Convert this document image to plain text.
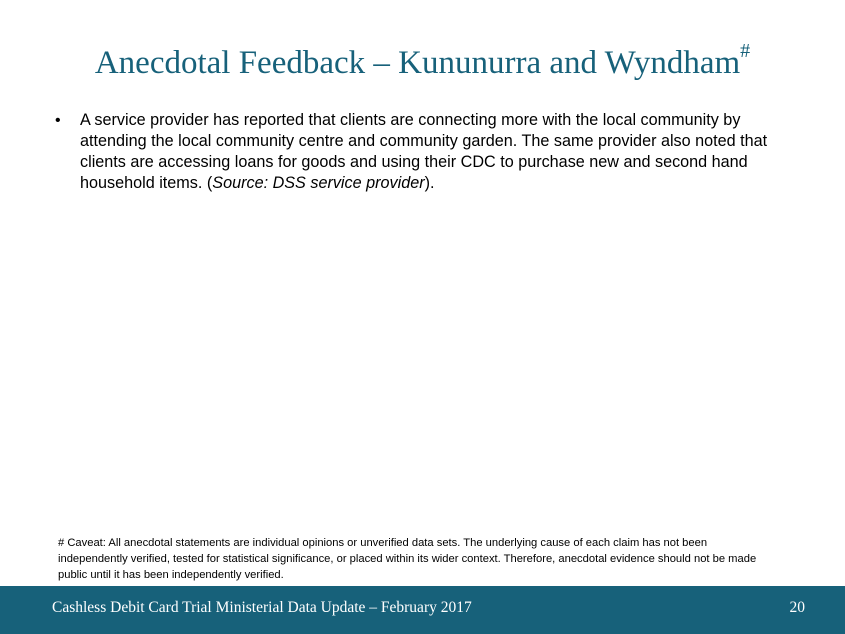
Anecdotal Feedback – Kununurra and Wyndham#
• A service provider has reported that clients are connecting more with the local community by attending the local community centre and community garden. The same provider also noted that clients are accessing loans for goods and using their CDC to purchase new and second hand household items. (Source: DSS service provider).
# Caveat: All anecdotal statements are individual opinions or unverified data sets. The underlying cause of each claim has not been independently verified, tested for statistical significance, or placed within its wider context. Therefore, anecdotal evidence should not be made public until it has been independently verified.
Cashless Debit Card Trial Ministerial Data Update – February 2017	20
